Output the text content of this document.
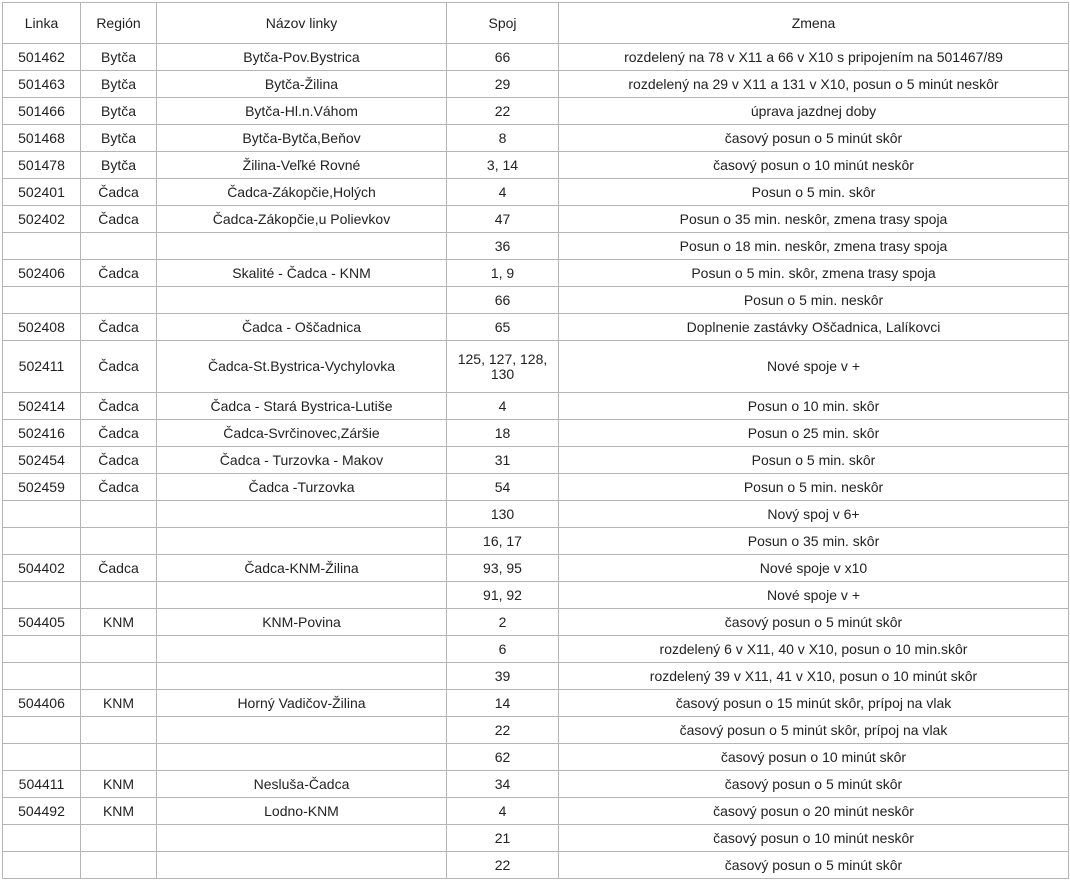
Linka	Región	Názov linky	Spoj	Zmena
501462	Bytča	Bytča-Pov.Bystrica	66	rozdelený na 78 v X11 a 66 v X10 s pripojením na 501467/89
501463	Bytča	Bytča-Žilina	29	rozdelený na 29 v X11 a 131 v X10, posun o 5 minút neskôr
501466	Bytča	Bytča-Hl.n.Váhom	22	úprava jazdnej doby
501468	Bytča	Bytča-Bytča,Beňov	8	časový posun o 5 minút skôr
501478	Bytča	Žilina-Veľké Rovné	3, 14	časový posun o 10 minút neskôr
502401	Čadca	Čadca-Zákopčie,Holých	4	Posun o 5 min. skôr
502402	Čadca	Čadca-Zákopčie,u Polievkov	47	Posun o 35 min. neskôr, zmena trasy spoja
			36	Posun o 18 min. neskôr, zmena trasy spoja
502406	Čadca	Skalité - Čadca - KNM	1, 9	Posun o 5 min. skôr, zmena trasy spoja
			66	Posun o 5 min. neskôr
502408	Čadca	Čadca - Oščadnica	65	Doplnenie zastávky Oščadnica, Lalíkovci
502411	Čadca	Čadca-St.Bystrica-Vychylovka	125, 127, 128, 130	Nové spoje v +
502414	Čadca	Čadca - Stará Bystrica-Lutiše	4	Posun o 10 min. skôr
502416	Čadca	Čadca-Svrčinovec,Záršie	18	Posun o 25 min. skôr
502454	Čadca	Čadca - Turzovka - Makov	31	Posun o 5 min. skôr
502459	Čadca	Čadca -Turzovka	54	Posun o 5 min. neskôr
			130	Nový spoj v 6+
			16, 17	Posun o 35 min. skôr
504402	Čadca	Čadca-KNM-Žilina	93, 95	Nové spoje v x10
			91, 92	Nové spoje v +
504405	KNM	KNM-Povina	2	časový posun o 5 minút skôr
			6	rozdelený 6 v X11, 40 v X10, posun o 10 min.skôr
			39	rozdelený 39 v X11, 41 v X10, posun o 10 minút skôr
504406	KNM	Horný Vadičov-Žilina	14	časový posun o 15 minút skôr, prípoj na vlak
			22	časový posun o 5 minút skôr, prípoj na vlak
			62	časový posun o 10 minút skôr
504411	KNM	Nesluša-Čadca	34	časový posun o 5 minút skôr
504492	KNM	Lodno-KNM	4	časový posun o 20 minút neskôr
			21	časový posun o 10 minút neskôr
			22	časový posun o 5 minút skôr
